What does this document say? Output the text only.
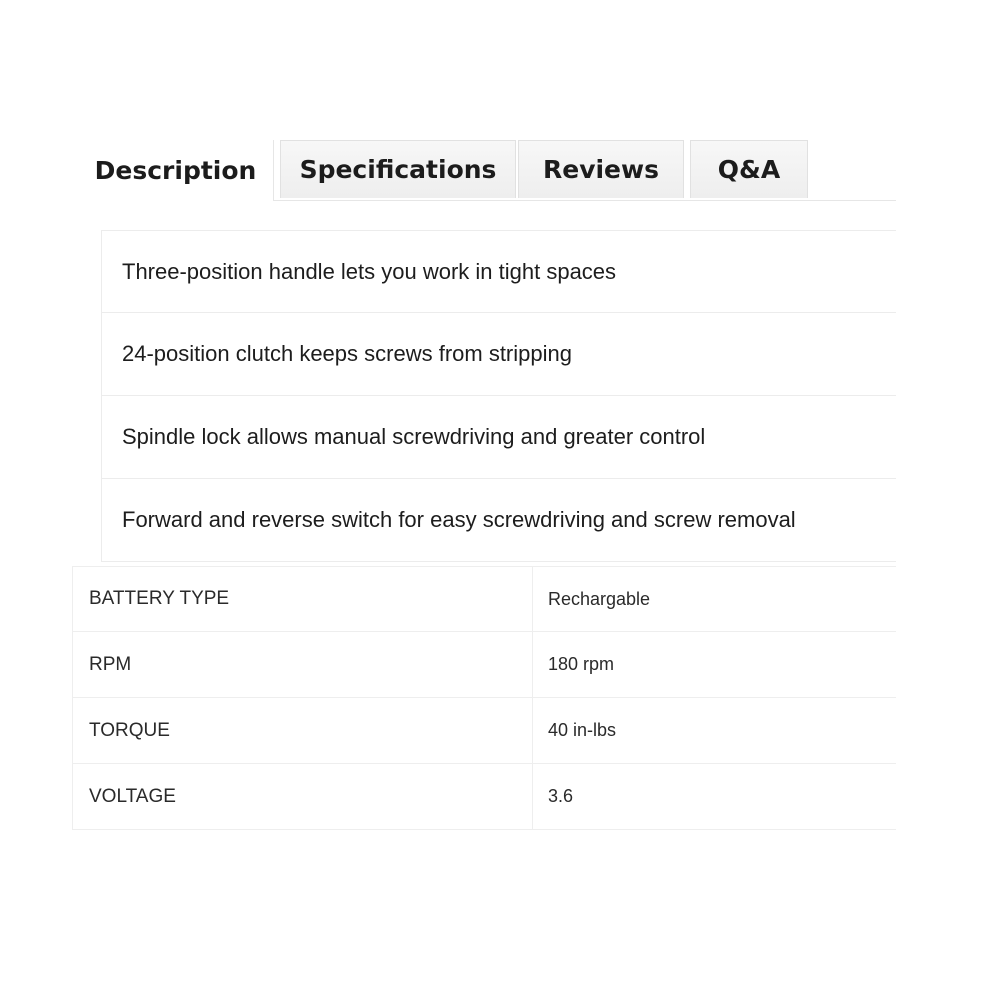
Description	Specifications	Reviews	Q&A
Three-position handle lets you work in tight spaces
24-position clutch keeps screws from stripping
Spindle lock allows manual screwdriving and greater control
Forward and reverse switch for easy screwdriving and screw removal
BATTERY TYPE	Rechargable
RPM	180 rpm
TORQUE	40 in-lbs
VOLTAGE	3.6
